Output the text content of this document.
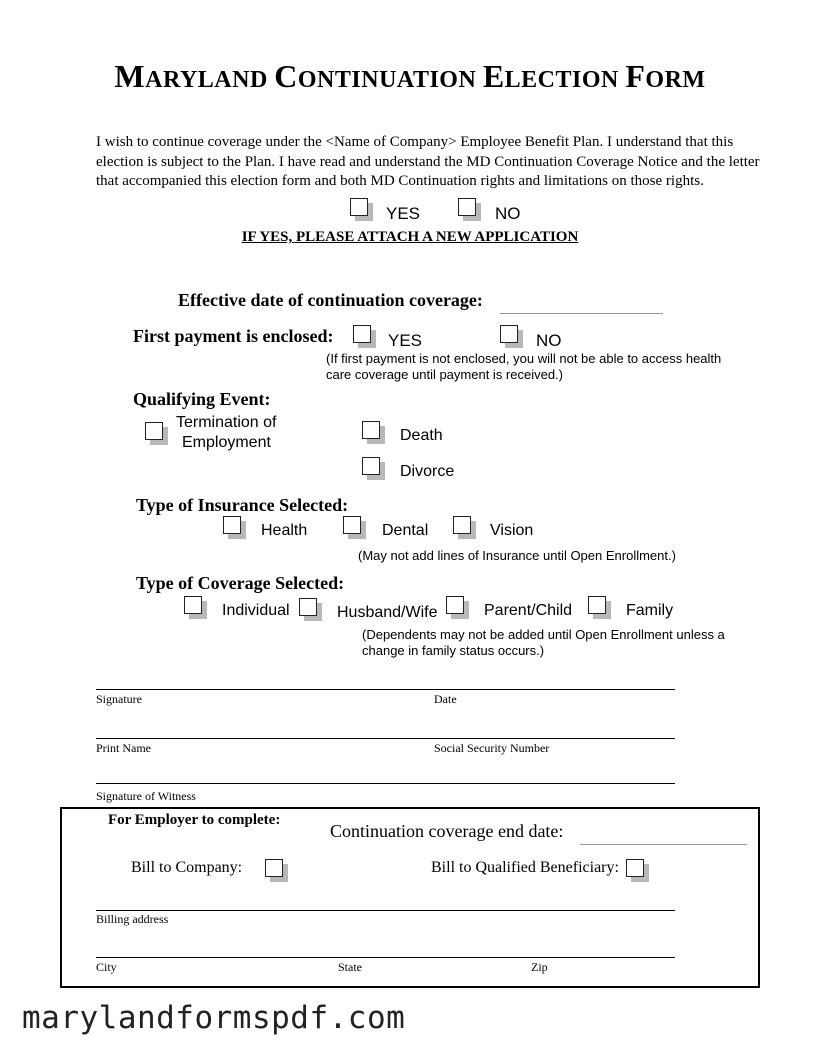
MARYLAND CONTINUATION ELECTION FORM
I wish to continue coverage under the <Name of Company> Employee Benefit Plan. I understand that this election is subject to the Plan. I have read and understand the MD Continuation Coverage Notice and the letter that accompanied this election form and both MD Continuation rights and limitations on those rights.
YES	NO
IF YES, PLEASE ATTACH A NEW APPLICATION
Effective date of continuation coverage:
First payment is enclosed:	YES	NO
(If first payment is not enclosed, you will not be able to access health
care coverage until payment is received.)
Qualifying Event:
Termination of
Employment	Death
Divorce
Type of Insurance Selected:
Health	Dental	Vision
(May not add lines of Insurance until Open Enrollment.)
Type of Coverage Selected:
Individual	Husband/Wife	Parent/Child	Family
(Dependents may not be added until Open Enrollment unless a
change in family status occurs.)
Signature	Date
Print Name	Social Security Number
Signature of Witness
For Employer to complete:
Continuation coverage end date:
Bill to Company:	Bill to Qualified Beneficiary:
Billing address
City	State	Zip
marylandformspdf.com
